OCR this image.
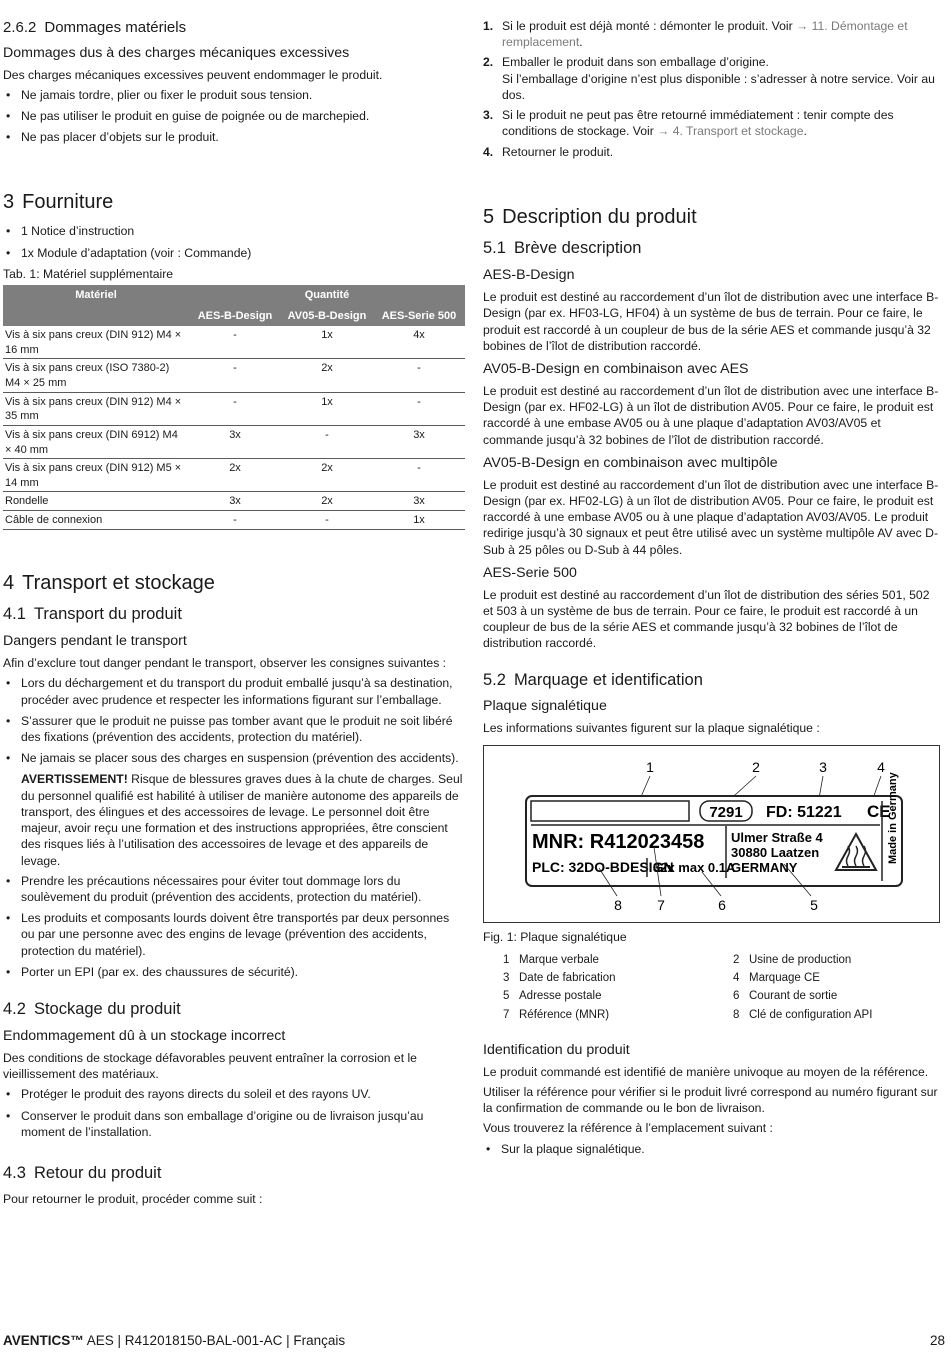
2.6.2 Dommages matériels
Dommages dus à des charges mécaniques excessives

Des charges mécaniques excessives peuvent endommager le produit.

• Ne jamais tordre, plier ou fixer le produit sous tension.
• Ne pas utiliser le produit en guise de poignée ou de marchepied.
• Ne pas placer d’objets sur le produit.
3 Fourniture
• 1 Notice d’instruction
• 1x Module d’adaptation (voir : Commande)
Tab. 1: Matériel supplémentaire
Matériel	Quantité		
	AES-B-Design	AV05-B-Design	AES-Serie 500
Vis à six pans creux (DIN 912) M4 × 16 mm	-	1x	4x
Vis à six pans creux (ISO 7380-2) M4 × 25 mm	-	2x	-
Vis à six pans creux (DIN 912) M4 × 35 mm	-	1x	-
Vis à six pans creux (DIN 6912) M4 × 40 mm	3x	-	3x
Vis à six pans creux (DIN 912) M5 × 14 mm	2x	2x	-
Rondelle	3x	2x	3x
Câble de connexion	-	-	1x
4 Transport et stockage
4.1 Transport du produit
Dangers pendant le transport

Afin d’exclure tout danger pendant le transport, observer les consignes suivantes :

• Lors du déchargement et du transport du produit emballé jusqu’à sa destination, procéder avec prudence et respecter les informations figurant sur l’emballage.
• S’assurer que le produit ne puisse pas tomber avant que le produit ne soit libéré des fixations (prévention des accidents, protection du matériel).
• Ne jamais se placer sous des charges en suspension (prévention des accidents).
AVERTISSEMENT! Risque de blessures graves dues à la chute de charges. Seul du personnel qualifié est habilité à utiliser de manière autonome des appareils de transport, des élingues et des accessoires de levage. Le personnel doit être majeur, avoir reçu une formation et des instructions appropriées, être conscient des risques liés à l’utilisation des accessoires de levage et des appareils de levage.
• Prendre les précautions nécessaires pour éviter tout dommage lors du soulèvement du produit (prévention des accidents, protection du matériel).
• Les produits et composants lourds doivent être transportés par deux personnes ou par une personne avec des engins de levage (prévention des accidents, protection du matériel).
• Porter un EPI (par ex. des chaussures de sécurité).
4.2 Stockage du produit
Endommagement dû à un stockage incorrect

Des conditions de stockage défavorables peuvent entraîner la corrosion et le vieillissement des matériaux.

• Protéger le produit des rayons directs du soleil et des rayons UV.
• Conserver le produit dans son emballage d’origine ou de livraison jusqu’au moment de l’installation.
4.3 Retour du produit

Pour retourner le produit, procéder comme suit :

1. Si le produit est déjà monté : démonter le produit. Voir → 11. Démontage et remplacement.
2. Emballer le produit dans son emballage d’origine.
Si l’emballage d’origine n’est plus disponible : s’adresser à notre service. Voir au dos.
3. Si le produit ne peut pas être retourné immédiatement : tenir compte des conditions de stockage. Voir → 4. Transport et stockage.
4. Retourner le produit.
5 Description du produit
5.1 Brève description
AES-B-Design

Le produit est destiné au raccordement d’un îlot de distribution avec une interface B-Design (par ex. HF03-LG, HF04) à un système de bus de terrain. Pour ce faire, le produit est raccordé à un coupleur de bus de la série AES et commande jusqu’à 32 bobines de l’îlot de distribution raccordé.

AV05-B-Design en combinaison avec AES

Le produit est destiné au raccordement d’un îlot de distribution avec une interface B-Design (par ex. HF02-LG) à un îlot de distribution AV05. Pour ce faire, le produit est raccordé à une embase AV05 ou à une plaque d’adaptation AV03/AV05 et commande jusqu’à 32 bobines de l’îlot de distribution raccordé.

AV05-B-Design en combinaison avec multipôle

Le produit est destiné au raccordement d’un îlot de distribution avec une interface B-Design (par ex. HF02-LG) à un îlot de distribution AV05. Pour ce faire, le produit est raccordé à une embase AV05 ou à une plaque d’adaptation AV03/AV05. Le produit redirige jusqu’à 30 signaux et peut être utilisé avec un système multipôle AV avec D-Sub à 25 pôles ou D-Sub à 44 pôles.

AES-Serie 500

Le produit est destiné au raccordement d’un îlot de distribution des séries 501, 502 et 503 à un système de bus de terrain. Pour ce faire, le produit est raccordé à un coupleur de bus de la série AES et commande jusqu’à 32 bobines de l’îlot de distribution raccordé.

5.2 Marquage et identification
Plaque signalétique

Les informations suivantes figurent sur la plaque signalétique :

1	2	3	4
7291 FD: 51221 CE
MNR: R412023458
PLC: 32DO-BDESIGN
32x max 0.1A
Ulmer Straße 4
30880 Laatzen
GERMANY
Made in Germany
8	7	6	5
Fig. 1: Plaque signalétique
1 Marque verbale	2 Usine de production
3 Date de fabrication	4 Marquage CE
5 Adresse postale	6 Courant de sortie
7 Référence (MNR)	8 Clé de configuration API
Identification du produit

Le produit commandé est identifié de manière univoque au moyen de la référence.

Utiliser la référence pour vérifier si le produit livré correspond au numéro figurant sur la confirmation de commande ou le bon de livraison.

Vous trouverez la référence à l’emplacement suivant :

• Sur la plaque signalétique.
AVENTICS™ AES | R412018150-BAL-001-AC | Français	28
